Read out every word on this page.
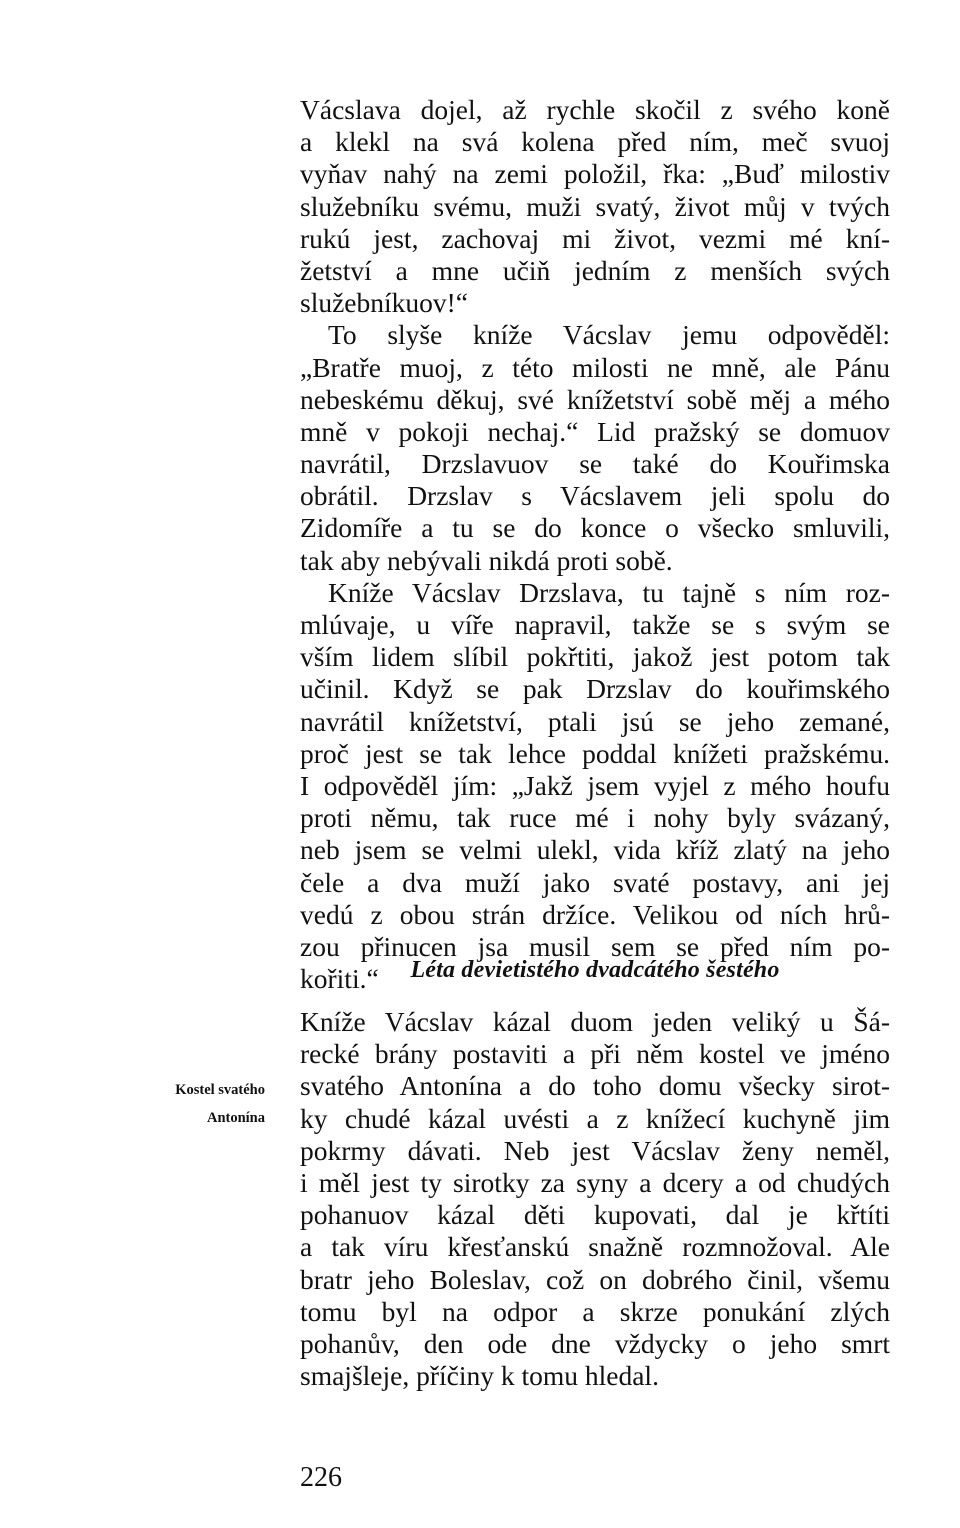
Vácslava dojel, až rychle skočil z svého koně
a klekl na svá kolena před ním, meč svuoj
vyňav nahý na zemi položil, řka: „Buď milostiv
služebníku svému, muži svatý, život můj v tvých
rukú jest, zachovaj mi život, vezmi mé kní-
žetství a mne učiň jedním z menších svých
služebníkuov!“
To slyše kníže Vácslav jemu odpověděl:
„Bratře muoj, z této milosti ne mně, ale Pánu
nebeskému děkuj, své knížetství sobě měj a mého
mně v pokoji nechaj.“ Lid pražský se domuov
navrátil, Drzslavuov se také do Kouřimska
obrátil. Drzslav s Vácslavem jeli spolu do
Zidomíře a tu se do konce o všecko smluvili,
tak aby nebývali nikdá proti sobě.
Kníže Vácslav Drzslava, tu tajně s ním roz-
mlúvaje, u víře napravil, takže se s svým se
vším lidem slíbil pokřtiti, jakož jest potom tak
učinil. Když se pak Drzslav do kouřimského
navrátil knížetství, ptali jsú se jeho zemané,
proč jest se tak lehce poddal knížeti pražskému.
I odpověděl jím: „Jakž jsem vyjel z mého houfu
proti němu, tak ruce mé i nohy byly svázaný,
neb jsem se velmi ulekl, vida kříž zlatý na jeho
čele a dva muží jako svaté postavy, ani jej
vedú z obou strán držíce. Velikou od ních hrů-
zou přinucen jsa musil sem se před ním po-
kořiti.“	Léta devietistého dvadcátého šestého
Kostel svatého
Antonína
Kníže Vácslav kázal duom jeden veliký u Šá-
recké brány postaviti a při něm kostel ve jméno
svatého Antonína a do toho domu všecky sirot-
ky chudé kázal uvésti a z knížecí kuchyně jim
pokrmy dávati. Neb jest Vácslav ženy neměl,
i měl jest ty sirotky za syny a dcery a od chudých
pohanuov kázal děti kupovati, dal je křtíti
a tak víru křesťanskú snažně rozmnožoval. Ale
bratr jeho Boleslav, což on dobrého činil, všemu
tomu byl na odpor a skrze ponukání zlých
pohanův, den ode dne vždycky o jeho smrt
smajšleje, příčiny k tomu hledal.
226
